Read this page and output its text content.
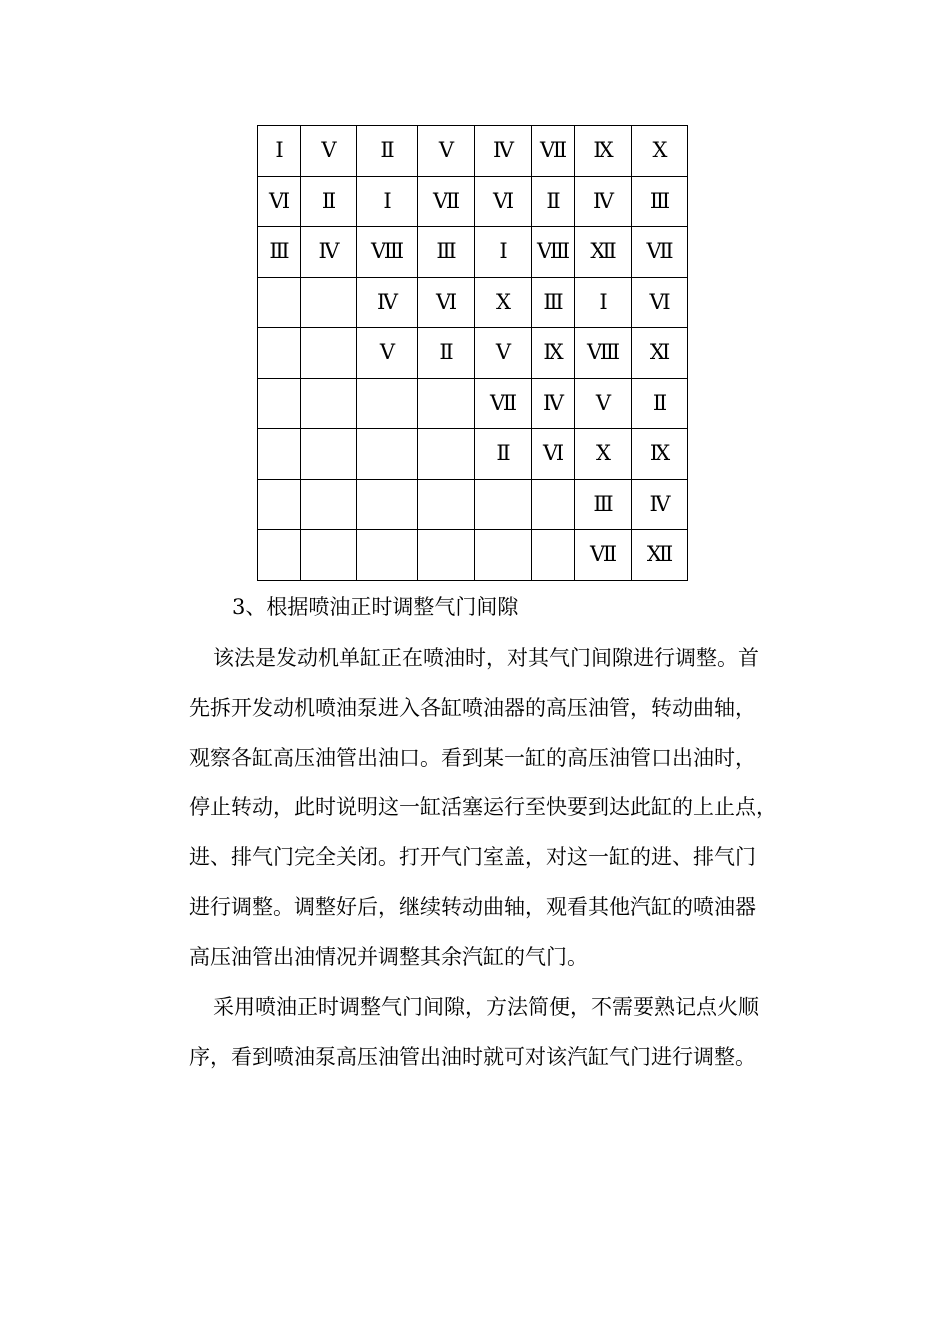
Ⅰ	Ⅴ	Ⅱ	Ⅴ	Ⅳ	Ⅶ	Ⅸ	Ⅹ
Ⅵ	Ⅱ	Ⅰ	Ⅶ	Ⅵ	Ⅱ	Ⅳ	Ⅲ
Ⅲ	Ⅳ	Ⅷ	Ⅲ	Ⅰ	Ⅷ	Ⅻ	Ⅶ
		Ⅳ	Ⅵ	Ⅹ	Ⅲ	Ⅰ	Ⅵ
		Ⅴ	Ⅱ	Ⅴ	Ⅸ	Ⅷ	Ⅺ
				Ⅶ	Ⅳ	Ⅴ	Ⅱ
				Ⅱ	Ⅵ	Ⅹ	Ⅸ
						Ⅲ	Ⅳ
						Ⅶ	Ⅻ
3、根据喷油正时调整气门间隙
该法是发动机单缸正在喷油时，对其气门间隙进行调整。首
先拆开发动机喷油泵进入各缸喷油器的高压油管，转动曲轴，
观察各缸高压油管出油口。看到某一缸的高压油管口出油时，
停止转动，此时说明这一缸活塞运行至快要到达此缸的上止点，
进、排气门完全关闭。打开气门室盖，对这一缸的进、排气门
进行调整。调整好后，继续转动曲轴，观看其他汽缸的喷油器
高压油管出油情况并调整其余汽缸的气门。
采用喷油正时调整气门间隙，方法简便，不需要熟记点火顺
序，看到喷油泵高压油管出油时就可对该汽缸气门进行调整。
